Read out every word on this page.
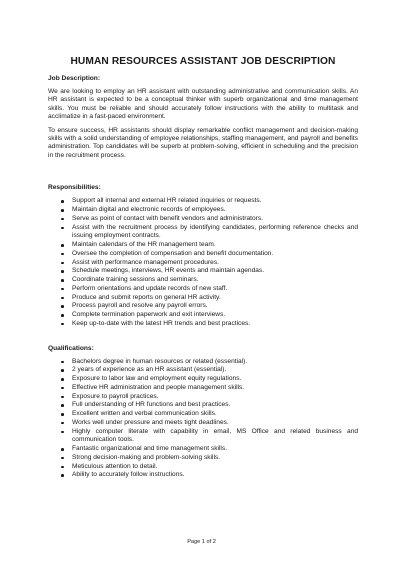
HUMAN RESOURCES ASSISTANT JOB DESCRIPTION
Job Description:
We are looking to employ an HR assistant with outstanding administrative and communication skills. An HR assistant is expected to be a conceptual thinker with superb organizational and time management skills. You must be reliable and should accurately follow instructions with the ability to multitask and acclimatize in a fast-paced environment.
To ensure success, HR assistants should display remarkable conflict management and decision-making skills with a solid understanding of employee relationships, staffing management, and payroll and benefits administration. Top candidates will be superb at problem-solving, efficient in scheduling and the precision in the recruitment process.
Responsibilities:
Support all internal and external HR related inquiries or requests.
Maintain digital and electronic records of employees.
Serve as point of contact with benefit vendors and administrators.
Assist with the recruitment process by identifying candidates, performing reference checks and issuing employment contracts.
Maintain calendars of the HR management team.
Oversee the completion of compensation and benefit documentation.
Assist with performance management procedures.
Schedule meetings, interviews, HR events and maintain agendas.
Coordinate training sessions and seminars.
Perform orientations and update records of new staff.
Produce and submit reports on general HR activity.
Process payroll and resolve any payroll errors.
Complete termination paperwork and exit interviews.
Keep up-to-date with the latest HR trends and best practices.
Qualifications:
Bachelors degree in human resources or related (essential).
2 years of experience as an HR assistant (essential).
Exposure to labor law and employment equity regulations.
Effective HR administration and people management skills.
Exposure to payroll practices.
Full understanding of HR functions and best practices.
Excellent written and verbal communication skills.
Works well under pressure and meets tight deadlines.
Highly computer literate with capability in email, MS Office and related business and communication tools.
Fantastic organizational and time management skills.
Strong decision-making and problem-solving skills.
Meticulous attention to detail.
Ability to accurately follow instructions.
Page 1 of 2
